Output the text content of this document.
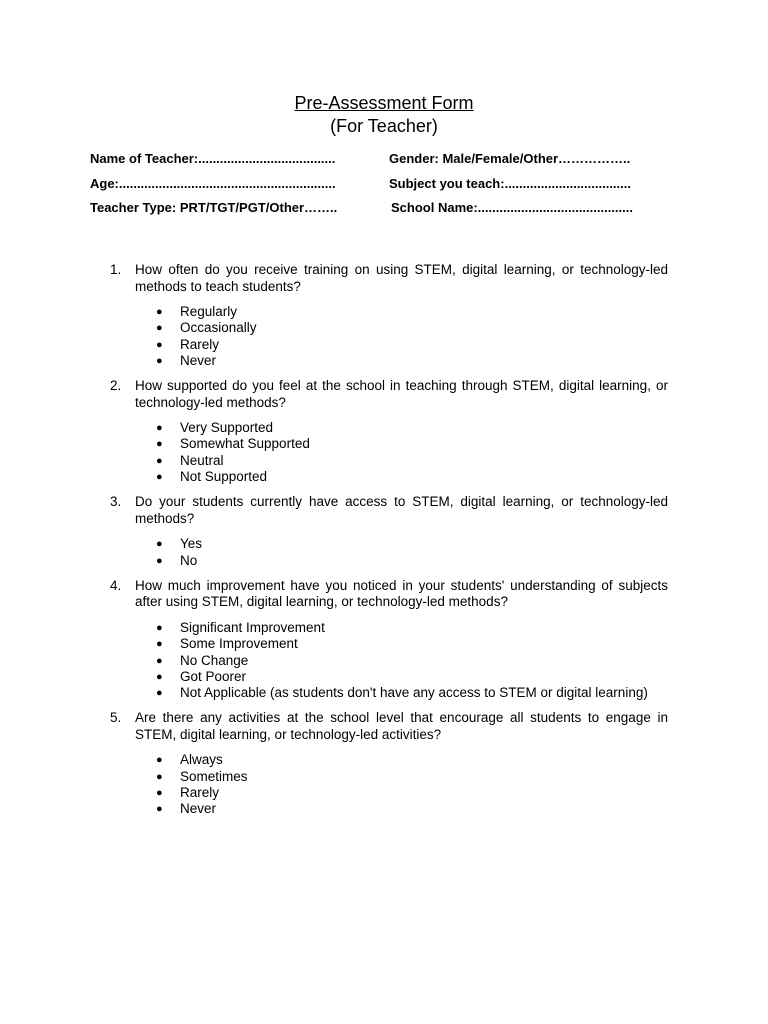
Pre-Assessment Form
(For Teacher)
Name of Teacher:......................................	Gender: Male/Female/Other……………..
Age:............................................................	Subject you teach:...................................
Teacher Type: PRT/TGT/PGT/Other……..	School Name:...........................................
1.	How often do you receive training on using STEM, digital learning, or technology-led methods to teach students?
● Regularly
● Occasionally
● Rarely
● Never
2.	How supported do you feel at the school in teaching through STEM, digital learning, or technology-led methods?
● Very Supported
● Somewhat Supported
● Neutral
● Not Supported
3.	Do your students currently have access to STEM, digital learning, or technology-led methods?
● Yes
● No
4.	How much improvement have you noticed in your students' understanding of subjects after using STEM, digital learning, or technology-led methods?
● Significant Improvement
● Some Improvement
● No Change
● Got Poorer
● Not Applicable (as students don't have any access to STEM or digital learning)
5.	Are there any activities at the school level that encourage all students to engage in STEM, digital learning, or technology-led activities?
● Always
● Sometimes
● Rarely
● Never
